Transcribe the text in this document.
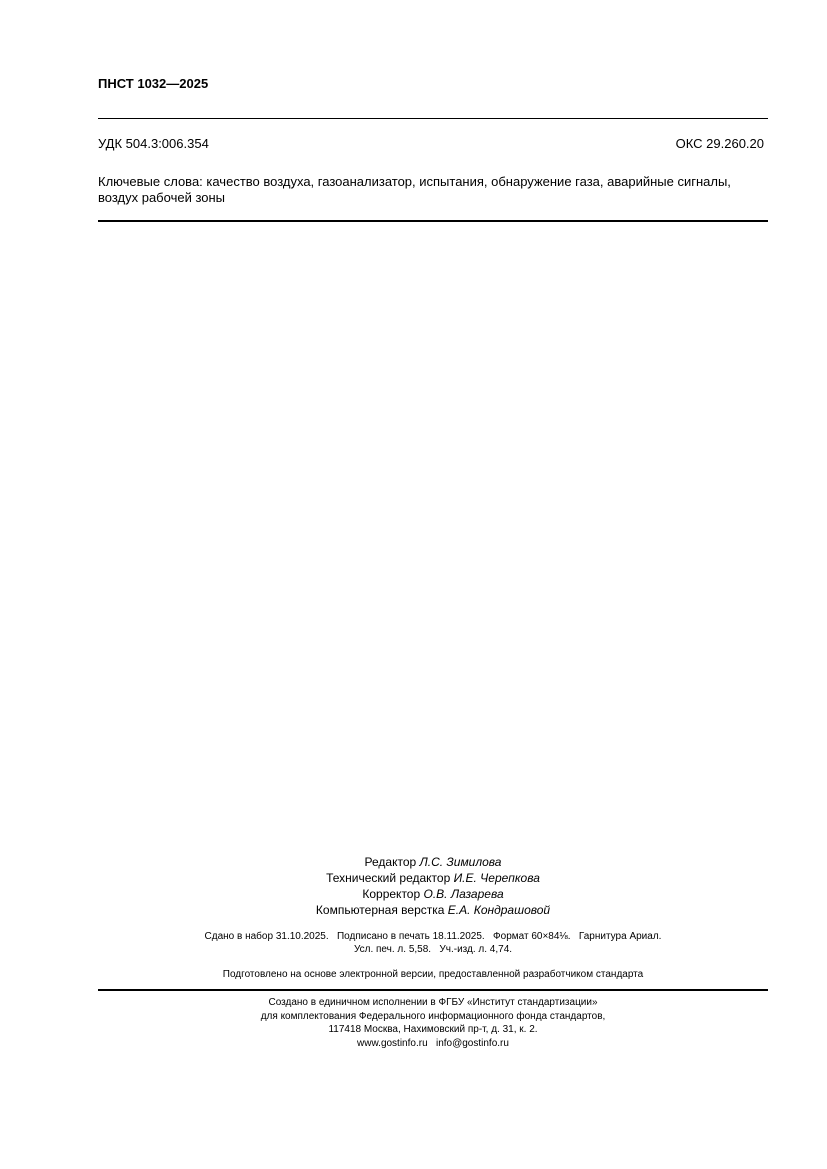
ПНСТ 1032—2025
УДК 504.3:006.354	ОКС 29.260.20
Ключевые слова: качество воздуха, газоанализатор, испытания, обнаружение газа, аварийные сигналы,
воздух рабочей зоны
Редактор Л.С. Зимилова
Технический редактор И.Е. Черепкова
Корректор О.В. Лазарева
Компьютерная верстка Е.А. Кондрашовой
Сдано в набор 31.10.2025.   Подписано в печать 18.11.2025.   Формат 60×84⅛.   Гарнитура Ариал.
Усл. печ. л. 5,58.   Уч.-изд. л. 4,74.
Подготовлено на основе электронной версии, предоставленной разработчиком стандарта
Создано в единичном исполнении в ФГБУ «Институт стандартизации»
для комплектования Федерального информационного фонда стандартов,
117418 Москва, Нахимовский пр-т, д. 31, к. 2.
www.gostinfo.ru   info@gostinfo.ru
